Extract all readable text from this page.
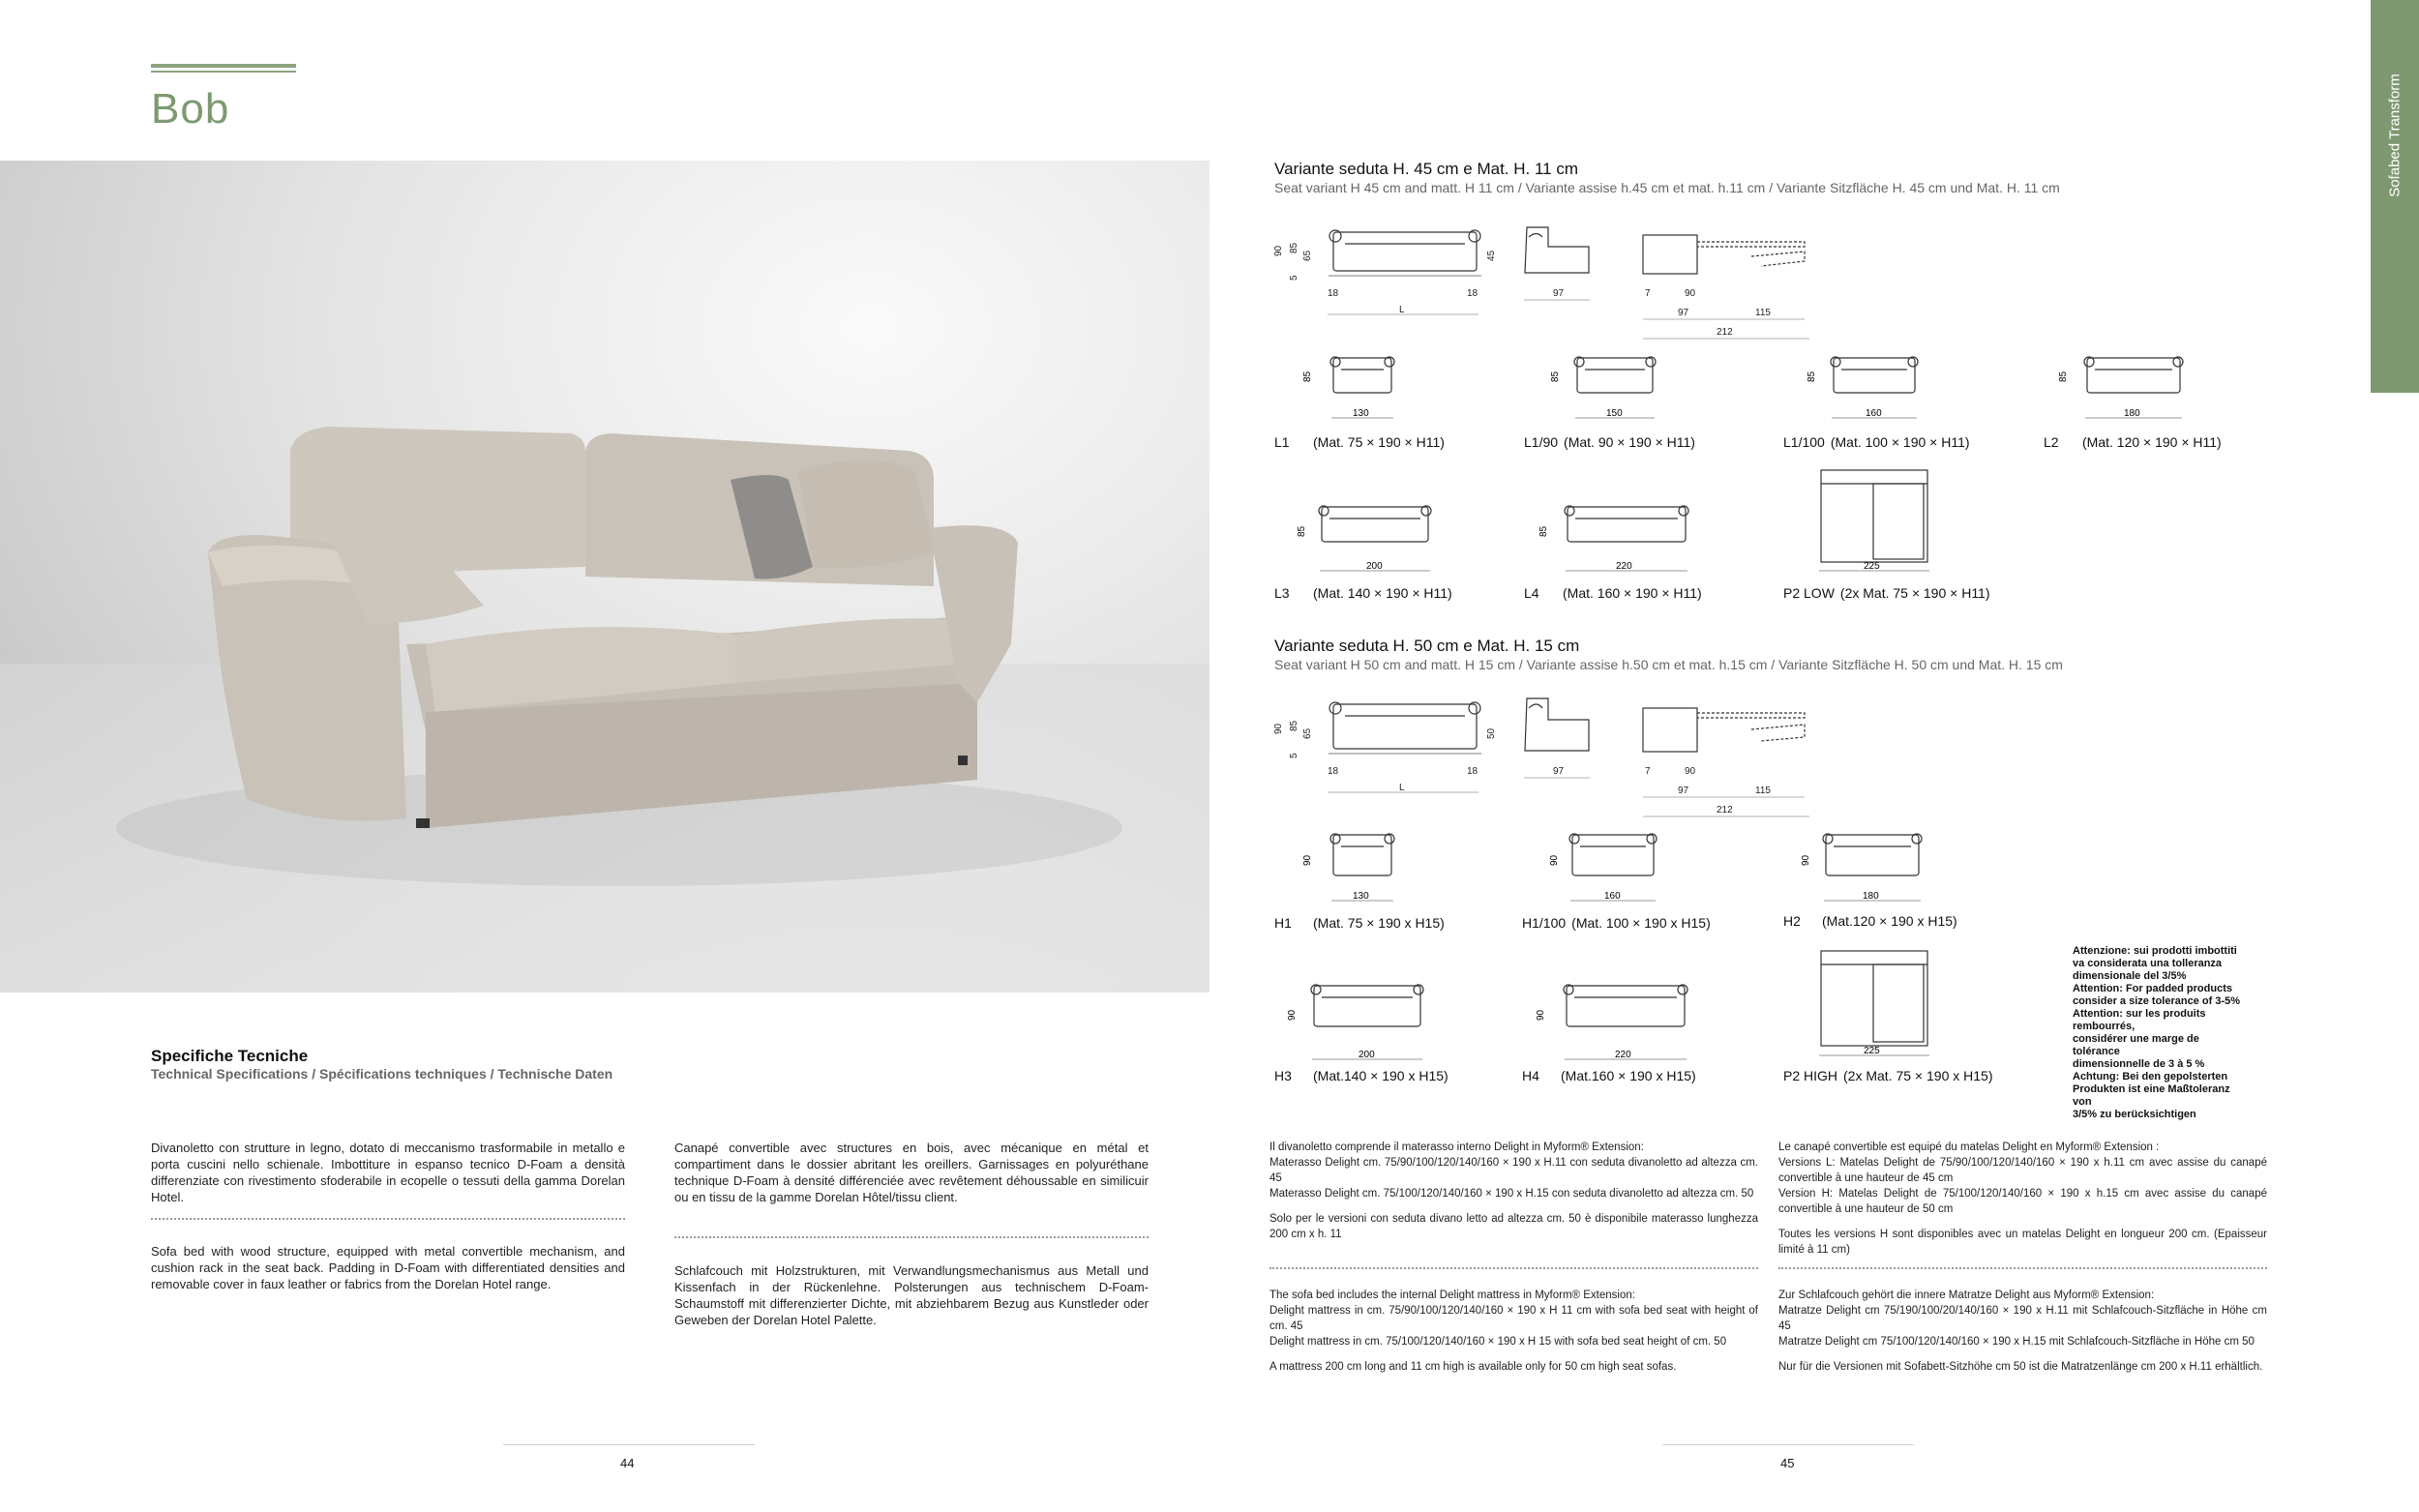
Bob	Sofabed Transform
Variante seduta H. 45 cm e Mat. H. 11 cm
Seat variant H 45 cm and matt. H 11 cm / Variante assise h.45 cm et mat. h.11 cm / Variante Sitzfläche H. 45 cm und Mat. H. 11 cm
90 85
65
5
45
18	18
L
97	7	90
97	115
212
85
130
L1 (Mat. 75 × 190 × H11)
85
150
L1/90 (Mat. 90 × 190 × H11)
85
160
L1/100 (Mat. 100 × 190 × H11)
85
180
L2 (Mat. 120 × 190 × H11)
85
200
L3 (Mat. 140 × 190 × H11)
85
220
L4 (Mat. 160 × 190 × H11)
225
P2 LOW (2x Mat. 75 × 190 × H11)
Variante seduta H. 50 cm e Mat. H. 15 cm
Seat variant H 50 cm and matt. H 15 cm / Variante assise h.50 cm et mat. h.15 cm / Variante Sitzfläche H. 50 cm und Mat. H. 15 cm
90 85
65
5
50
18	18
L
97	7	90
97	115
212
90
130
H1 (Mat. 75 × 190 x H15)
90
160
H1/100 (Mat. 100 × 190 x H15)
90
180
H2 (Mat.120 × 190 x H15)
90
200
H3 (Mat.140 × 190 x H15)
90
220
H4 (Mat.160 × 190 x H15)
225
P2 HIGH (2x Mat. 75 × 190 x H15)
Attenzione: sui prodotti imbottiti
va considerata una tolleranza
dimensionale del 3/5%
Attention: For padded products
consider a size tolerance of 3-5%
Attention: sur les produits rembourrés,
considérer une marge de tolérance
dimensionnelle de 3 à 5 %
Achtung: Bei den gepolsterten
Produkten ist eine Maßtoleranz von
3/5% zu berücksichtigen
Specifiche Tecniche
Technical Specifications / Spécifications techniques / Technische Daten
Divanoletto con strutture in legno, dotato di meccanismo trasformabile in metallo e porta cuscini nello schienale. Imbottiture in espanso tecnico D-Foam a densità differenziate con rivestimento sfoderabile in ecopelle o tessuti della gamma Dorelan Hotel.
Sofa bed with wood structure, equipped with metal convertible mechanism, and cushion rack in the seat back. Padding in D-Foam with differentiated densities and removable cover in faux leather or fabrics from the Dorelan Hotel range.
Canapé convertible avec structures en bois, avec mécanique en métal et compartiment dans le dossier abritant les oreillers. Garnissages en polyuréthane technique D-Foam à densité différenciée avec revêtement déhoussable en similicuir ou en tissu de la gamme Dorelan Hôtel/tissu client.
Schlafcouch mit Holzstrukturen, mit Verwandlungsmechanismus aus Metall und Kissenfach in der Rückenlehne. Polsterungen aus technischem D-Foam-Schaumstoff mit differenzierter Dichte, mit abziehbarem Bezug aus Kunstleder oder Geweben der Dorelan Hotel Palette.
Il divanoletto comprende il materasso interno Delight in Myform® Extension:
Materasso Delight cm. 75/90/100/120/140/160 × 190 x H.11 con seduta divanoletto ad altezza cm. 45
Materasso Delight cm. 75/100/120/140/160 × 190 x H.15 con seduta divanoletto ad altezza cm. 50
Solo per le versioni con seduta divano letto ad altezza cm. 50 è disponibile materasso lunghezza 200 cm x h. 11
The sofa bed includes the internal Delight mattress in Myform® Extension:
Delight mattress in cm. 75/90/100/120/140/160 × 190 x H 11 cm with sofa bed seat with height of cm. 45
Delight mattress in cm. 75/100/120/140/160 × 190 x H 15 with sofa bed seat height of cm. 50
A mattress 200 cm long and 11 cm high is available only for 50 cm high seat sofas.
Le canapé convertible est equipé du matelas Delight en Myform® Extension :
Versions L: Matelas Delight de 75/90/100/120/140/160 × 190 x h.11 cm avec assise du canapé convertible à une hauteur de 45 cm
Version H: Matelas Delight de 75/100/120/140/160 × 190 x h.15 cm avec assise du canapé convertible à une hauteur de 50 cm
Toutes les versions H sont disponibles avec un matelas Delight en longueur 200 cm. (Epaisseur limité à 11 cm)
Zur Schlafcouch gehört die innere Matratze Delight aus Myform® Extension:
Matratze Delight cm 75/190/100/20/140/160 × 190 x H.11 mit Schlafcouch-Sitzfläche in Höhe cm 45
Matratze Delight cm 75/100/120/140/160 × 190 x H.15 mit Schlafcouch-Sitzfläche in Höhe cm 50
Nur für die Versionen mit Sofabett-Sitzhöhe cm 50 ist die Matratzenlänge cm 200 x H.11 erhältlich.
44	45
